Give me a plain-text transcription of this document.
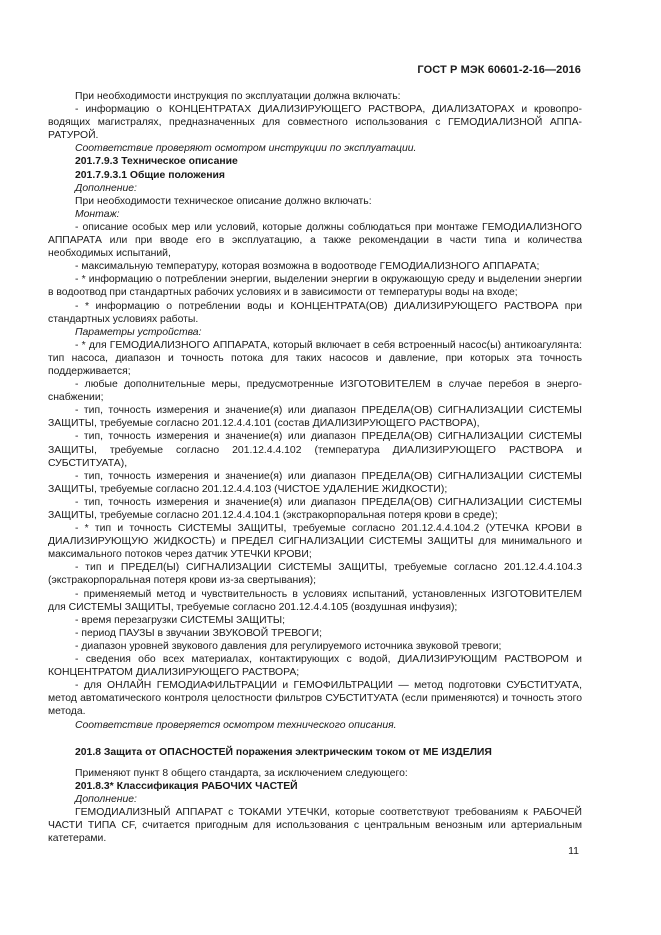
ГОСТ Р МЭК 60601-2-16—2016

При необходимости инструкция по эксплуатации должна включать:

- информацию о КОНЦЕНТРАТАХ ДИАЛИЗИРУЮЩЕГО РАСТВОРА, ДИАЛИЗАТОРАХ и кровопроводящих магистралях, предназначенных для совместного использования с ГЕМОДИАЛИЗНОЙ АППАРАТУРОЙ.

Соответствие проверяют осмотром инструкции по эксплуатации.

201.7.9.3 Техническое описание

201.7.9.3.1 Общие положения

Дополнение:

При необходимости техническое описание должно включать:

Монтаж:

- описание особых мер или условий, которые должны соблюдаться при монтаже ГЕМОДИАЛИЗНОГО АППАРАТА или при вводе его в эксплуатацию, а также рекомендации в части типа и количества необходимых испытаний,

- максимальную температуру, которая возможна в водоотводе ГЕМОДИАЛИЗНОГО АППАРАТА;

- * информацию о потреблении энергии, выделении энергии в окружающую среду и выделении энергии в водоотвод при стандартных рабочих условиях и в зависимости от температуры воды на входе;

- * информацию о потреблении воды и КОНЦЕНТРАТА(ОВ) ДИАЛИЗИРУЮЩЕГО РАСТВОРА при стандартных условиях работы.

Параметры устройства:

- * для ГЕМОДИАЛИЗНОГО АППАРАТА, который включает в себя встроенный насос(ы) антикоагулянта: тип насоса, диапазон и точность потока для таких насосов и давление, при которых эта точность поддерживается;

- любые дополнительные меры, предусмотренные ИЗГОТОВИТЕЛЕМ в случае перебоя в энергоснабжении;

- тип, точность измерения и значение(я) или диапазон ПРЕДЕЛА(ОВ) СИГНАЛИЗАЦИИ СИСТЕМЫ ЗАЩИТЫ, требуемые согласно 201.12.4.4.101 (состав ДИАЛИЗИРУЮЩЕГО РАСТВОРА),

- тип, точность измерения и значение(я) или диапазон ПРЕДЕЛА(ОВ) СИГНАЛИЗАЦИИ СИСТЕМЫ ЗАЩИТЫ, требуемые согласно 201.12.4.4.102 (температура ДИАЛИЗИРУЮЩЕГО РАСТВОРА и СУБСТИТУАТА),

- тип, точность измерения и значение(я) или диапазон ПРЕДЕЛА(ОВ) СИГНАЛИЗАЦИИ СИСТЕМЫ ЗАЩИТЫ, требуемые согласно 201.12.4.4.103 (ЧИСТОЕ УДАЛЕНИЕ ЖИДКОСТИ);

- тип, точность измерения и значение(я) или диапазон ПРЕДЕЛА(ОВ) СИГНАЛИЗАЦИИ СИСТЕМЫ ЗАЩИТЫ, требуемые согласно 201.12.4.4.104.1 (экстракорпоральная потеря крови в среде);

- * тип и точность СИСТЕМЫ ЗАЩИТЫ, требуемые согласно 201.12.4.4.104.2 (УТЕЧКА КРОВИ в ДИАЛИЗИРУЮЩУЮ ЖИДКОСТЬ) и ПРЕДЕЛ СИГНАЛИЗАЦИИ СИСТЕМЫ ЗАЩИТЫ для минимального и максимального потоков через датчик УТЕЧКИ КРОВИ;

- тип и ПРЕДЕЛ(Ы) СИГНАЛИЗАЦИИ СИСТЕМЫ ЗАЩИТЫ, требуемые согласно 201.12.4.4.104.3 (экстракорпоральная потеря крови из-за свертывания);

- применяемый метод и чувствительность в условиях испытаний, установленных ИЗГОТОВИТЕЛЕМ для СИСТЕМЫ ЗАЩИТЫ, требуемые согласно 201.12.4.4.105 (воздушная инфузия);

- время перезагрузки СИСТЕМЫ ЗАЩИТЫ;

- период ПАУЗЫ в звучании ЗВУКОВОЙ ТРЕВОГИ;

- диапазон уровней звукового давления для регулируемого источника звуковой тревоги;

- сведения обо всех материалах, контактирующих с водой, ДИАЛИЗИРУЮЩИМ РАСТВОРОМ и КОНЦЕНТРАТОМ ДИАЛИЗИРУЮЩЕГО РАСТВОРА;

- для ОНЛАЙН ГЕМОДИАФИЛЬТРАЦИИ и ГЕМОФИЛЬТРАЦИИ — метод подготовки СУБСТИТУАТА, метод автоматического контроля целостности фильтров СУБСТИТУАТА (если применяются) и точность этого метода.

Соответствие проверяется осмотром технического описания.

201.8 Защита от ОПАСНОСТЕЙ поражения электрическим током от ME ИЗДЕЛИЯ

Применяют пункт 8 общего стандарта, за исключением следующего:

201.8.3* Классификация РАБОЧИХ ЧАСТЕЙ

Дополнение:

ГЕМОДИАЛИЗНЫЙ АППАРАТ с ТОКАМИ УТЕЧКИ, которые соответствуют требованиям к РАБОЧЕЙ ЧАСТИ ТИПА CF, считается пригодным для использования с центральным венозным или артериальным катетерами.

11
